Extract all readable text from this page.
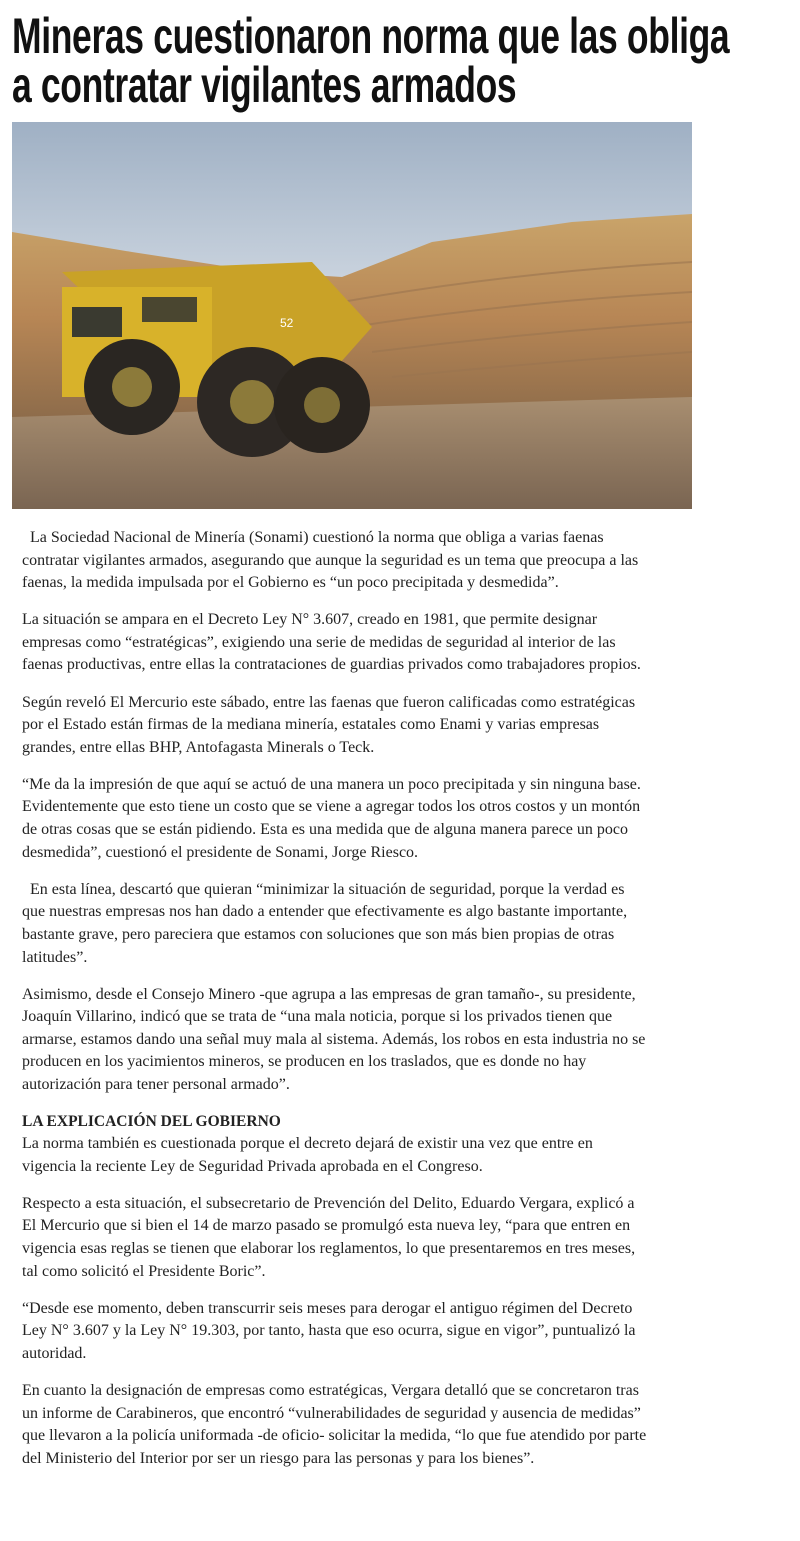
Mineras cuestionaron norma que las obliga
a contratar vigilantes armados
52

La Sociedad Nacional de Minería (Sonami) cuestionó la norma que obliga a varias faenas contratar vigilantes armados, asegurando que aunque la seguridad es un tema que preocupa a las faenas, la medida impulsada por el Gobierno es “un poco precipitada y desmedida”.

La situación se ampara en el Decreto Ley N° 3.607, creado en 1981, que permite designar empresas como “estratégicas”, exigiendo una serie de medidas de seguridad al interior de las faenas productivas, entre ellas la contrataciones de guardias privados como trabajadores propios.

Según reveló El Mercurio este sábado, entre las faenas que fueron calificadas como estratégicas por el Estado están firmas de la mediana minería, estatales como Enami y varias empresas grandes, entre ellas BHP, Antofagasta Minerals o Teck.

“Me da la impresión de que aquí se actuó de una manera un poco precipitada y sin ninguna base. Evidentemente que esto tiene un costo que se viene a agregar todos los otros costos y un montón de otras cosas que se están pidiendo. Esta es una medida que de alguna manera parece un poco desmedida”, cuestionó el presidente de Sonami, Jorge Riesco.

En esta línea, descartó que quieran “minimizar la situación de seguridad, porque la verdad es que nuestras empresas nos han dado a entender que efectivamente es algo bastante importante, bastante grave, pero pareciera que estamos con soluciones que son más bien propias de otras latitudes”.

Asimismo, desde el Consejo Minero -que agrupa a las empresas de gran tamaño-, su presidente, Joaquín Villarino, indicó que se trata de “una mala noticia, porque si los privados tienen que armarse, estamos dando una señal muy mala al sistema. Además, los robos en esta industria no se producen en los yacimientos mineros, se producen en los traslados, que es donde no hay autorización para tener personal armado”.

LA EXPLICACIÓN DEL GOBIERNO

La norma también es cuestionada porque el decreto dejará de existir una vez que entre en vigencia la reciente Ley de Seguridad Privada aprobada en el Congreso.

Respecto a esta situación, el subsecretario de Prevención del Delito, Eduardo Vergara, explicó a El Mercurio que si bien el 14 de marzo pasado se promulgó esta nueva ley, “para que entren en vigencia esas reglas se tienen que elaborar los reglamentos, lo que presentaremos en tres meses, tal como solicitó el Presidente Boric”.

“Desde ese momento, deben transcurrir seis meses para derogar el antiguo régimen del Decreto Ley N° 3.607 y la Ley N° 19.303, por tanto, hasta que eso ocurra, sigue en vigor”, puntualizó la autoridad.

En cuanto la designación de empresas como estratégicas, Vergara detalló que se concretaron tras un informe de Carabineros, que encontró “vulnerabilidades de seguridad y ausencia de medidas” que llevaron a la policía uniformada -de oficio- solicitar la medida, “lo que fue atendido por parte del Ministerio del Interior por ser un riesgo para las personas y para los bienes”.
